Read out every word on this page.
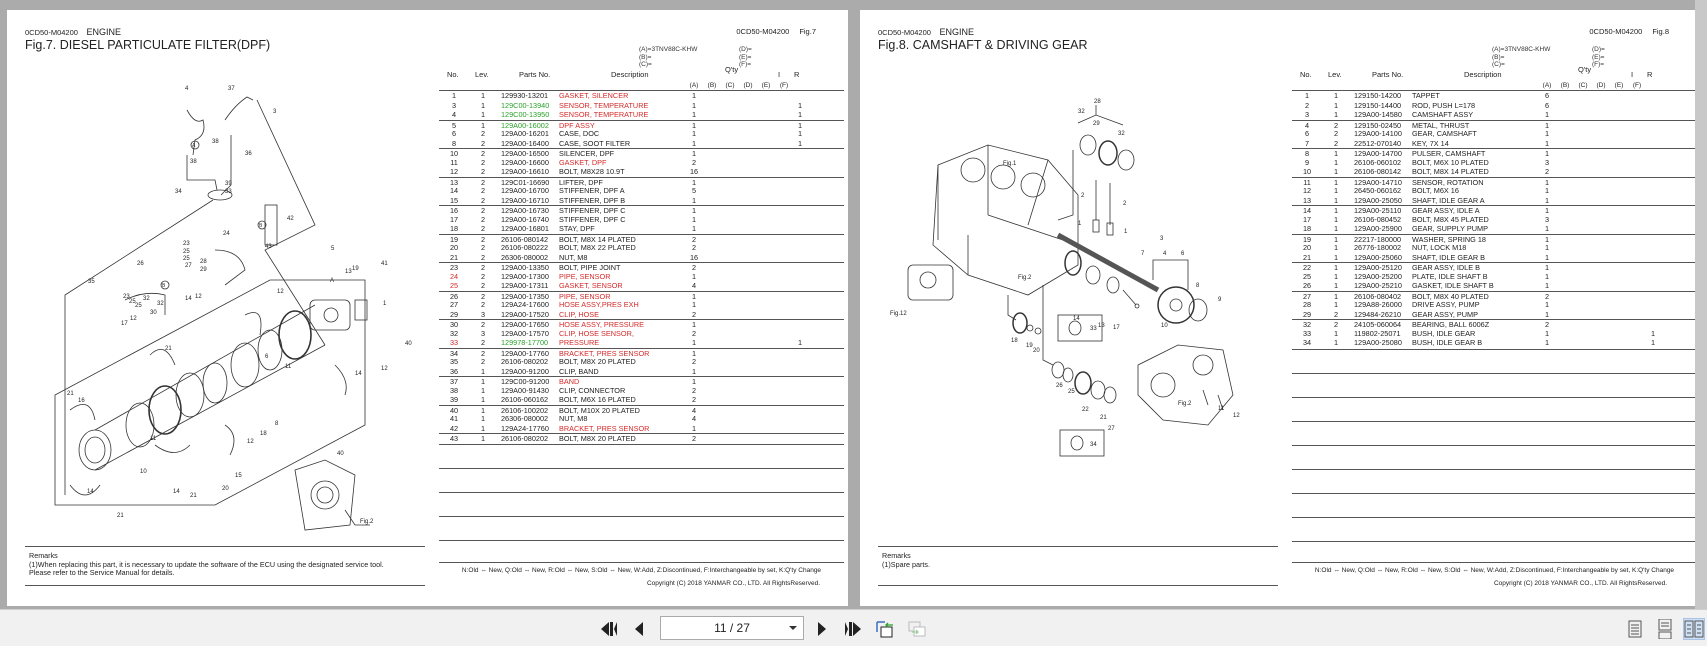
0CD50-M04200 ENGINE
Fig.7. DIESEL PARTICULATE FILTER(DPF)
A
B
B
4	37
3
38
38
36
34
39
33
42
43
24
23
25
25 28
27
29
35
26
23
25
25
32
32
30
5
13 19
41
A
1
14 12
12
12
17
40
16
21
21
6
11
8
11
12
14
18
12
15
20
10
14
21
14
21
40
Fig.2
0CD50-M04200 Fig.7
(A)=3TNV88C-KHW
(B)=
(C)=
(D)=
(E)=
(F)=
No. Lev.	Parts No.	Description
Q'ty
I R
(A) (B) (C) (D) (E) (F)
1	1	129930-13201 GASKET, SILENCER	1
3	1	129C00-13940 SENSOR, TEMPERATURE	1	1
4	1	129C00-13950 SENSOR, TEMPERATURE	1	1
5	1	129A00-16002 DPF ASSY	1	1
6	2	129A00-16201 CASE, DOC	1	1
8	2	129A00-16400 CASE, SOOT FILTER	1	1
10	2	129A00-16500 SILENCER, DPF	1
11	2	129A00-16600 GASKET, DPF	2
12	2	129A00-16610 BOLT, M8X28 10.9T	16
13	2	129C01-16690 LIFTER, DPF	1
14	2	129A00-16700 STIFFENER, DPF A	5
15	2	129A00-16710 STIFFENER, DPF B	1
16	2	129A00-16730 STIFFENER, DPF C	1
17	2	129A00-16740 STIFFENER, DPF C	1
18	2	129A00-16801 STAY, DPF	1
19	2	26106-080142 BOLT, M8X 14 PLATED	2
20	2	26106-080222 BOLT, M8X 22 PLATED	2
21	2	26306-080002 NUT, M8	16
23	2	129A00-13350 BOLT, PIPE JOINT	2
24	2	129A00-17300 PIPE, SENSOR	1
25	2	129A00-17311 GASKET, SENSOR	4
26	2	129A00-17350 PIPE, SENSOR	1
27	2	129A24-17600 HOSE ASSY,PRES EXH	1
29	3	129A00-17520 CLIP, HOSE	2
30	2	129A00-17650 HOSE ASSY, PRESSURE	1
32	3	129A00-17570 CLIP, HOSE SENSOR,	2
33	2	129978-17700 PRESSURE	1	1
34	2	129A00-17760 BRACKET, PRES SENSOR	1
35	2	26106-080202 BOLT, M8X 20 PLATED	2
36	1	129A00-91200 CLIP, BAND	1
37	1	129C00-91200 BAND	1
38	1	129A00-91430 CLIP, CONNECTOR	2
39	1	26106-060162 BOLT, M6X 16 PLATED	2
40	1	26106-100202 BOLT, M10X 20 PLATED	4
41	1	26306-080002 NUT, M8	4
42	1	129A24-17760 BRACKET, PRES SENSOR	1
43	1	26106-080202 BOLT, M8X 20 PLATED	2
Remarks
(1)When replacing this part, it is necessary to update the software of the ECU using the designated service tool.
Please refer to the Service Manual for details.	N:Old ⇔ New, Q:Old ⇔ New, R:Old ⇔ New, S:Old ⇔ New, W:Add, Z:Discontinued, F:Interchangeable by set, K:Q'ty Change
Copyright (C) 2018 YANMAR CO., LTD. All RightsReserved.
0CD50-M04200 ENGINE
Fig.8. CAMSHAFT & DRIVING GEAR
Fig.1
28
32
29
32
2
2
1
1
3
7	4 6
8
9
10
14
13 17
Fig.2
Fig.12
18
19
20
33
26
25
22
21
27
11
12
Fig.2
34
0CD50-M04200 Fig.8
(A)=3TNV88C-KHW
(B)=
(C)=
(D)=
(E)=
(F)=
No. Lev.	Parts No.	Description
Q'ty
I R
(A) (B) (C) (D) (E) (F)
1	1	129150-14200 TAPPET	6
2	1	129150-14400 ROD, PUSH L=178	6
3	1	129A00-14580 CAMSHAFT ASSY	1
4	2	129150-02450 METAL, THRUST	1
6	2	129A00-14100 GEAR, CAMSHAFT	1
7	2	22512-070140 KEY, 7X 14	1
8	1	129A00-14700 PULSER, CAMSHAFT	1
9	1	26106-060102 BOLT, M6X 10 PLATED	3
10	1	26106-080142 BOLT, M8X 14 PLATED	2
11	1	129A00-14710 SENSOR, ROTATION	1
12	1	26450-060162 BOLT, M6X 16	1
13	1	129A00-25050 SHAFT, IDLE GEAR A	1
14	1	129A00-25110 GEAR ASSY, IDLE A	1
17	1	26106-080452 BOLT, M8X 45 PLATED	3
18	1	129A00-25900 GEAR, SUPPLY PUMP	1
19	1	22217-180000 WASHER, SPRING 18	1
20	1	26776-180002 NUT, LOCK M18	1
21	1	129A00-25060 SHAFT, IDLE GEAR B	1
22	1	129A00-25120 GEAR ASSY, IDLE B	1
25	1	129A00-25200 PLATE, IDLE SHAFT B	1
26	1	129A00-25210 GASKET, IDLE SHAFT B	1
27	1	26106-080402 BOLT, M8X 40 PLATED	2
28	1	129A88-26000 DRIVE ASSY, PUMP	1
29	2	129484-26210 GEAR ASSY, PUMP	1
32	2	24105-060064 BEARING, BALL 6006Z	2
33	1	119802-25071 BUSH, IDLE GEAR	1	1
34	1	129A00-25080 BUSH, IDLE GEAR B	1	1
Remarks
(1)Spare parts.
N:Old ⇔ New, Q:Old ⇔ New, R:Old ⇔ New, S:Old ⇔ New, W:Add, Z:Discontinued, F:Interchangeable by set, K:Q'ty Change
Copyright (C) 2018 YANMAR CO., LTD. All RightsReserved.
11 / 27
